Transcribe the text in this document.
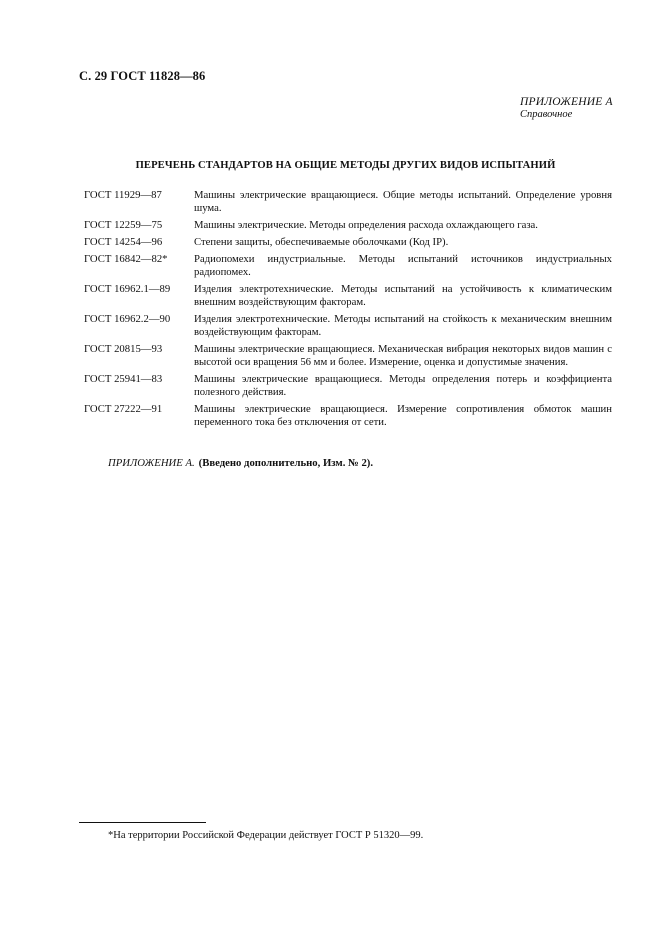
С. 29 ГОСТ 11828—86
ПРИЛОЖЕНИЕ А
Справочное
ПЕРЕЧЕНЬ СТАНДАРТОВ НА ОБЩИЕ МЕТОДЫ ДРУГИХ ВИДОВ ИСПЫТАНИЙ
ГОСТ 11929—87	Машины электрические вращающиеся. Общие методы испытаний. Определение уровня шума.
ГОСТ 12259—75	Машины электрические. Методы определения расхода охлаждающего газа.
ГОСТ 14254—96	Степени защиты, обеспечиваемые оболочками (Код IP).
ГОСТ 16842—82*	Радиопомехи индустриальные. Методы испытаний источников индустриальных радиопомех.
ГОСТ 16962.1—89	Изделия электротехнические. Методы испытаний на устойчивость к климатическим внешним воздействующим факторам.
ГОСТ 16962.2—90	Изделия электротехнические. Методы испытаний на стойкость к механическим внешним воздействующим факторам.
ГОСТ 20815—93	Машины электрические вращающиеся. Механическая вибрация некоторых видов машин с высотой оси вращения 56 мм и более. Измерение, оценка и допустимые значения.
ГОСТ 25941—83	Машины электрические вращающиеся. Методы определения потерь и коэффициента полезного действия.
ГОСТ 27222—91	Машины электрические вращающиеся. Измерение сопротивления обмоток машин переменного тока без отключения от сети.
ПРИЛОЖЕНИЕ А. (Введено дополнительно, Изм. № 2).
*На территории Российской Федерации действует ГОСТ Р 51320—99.
